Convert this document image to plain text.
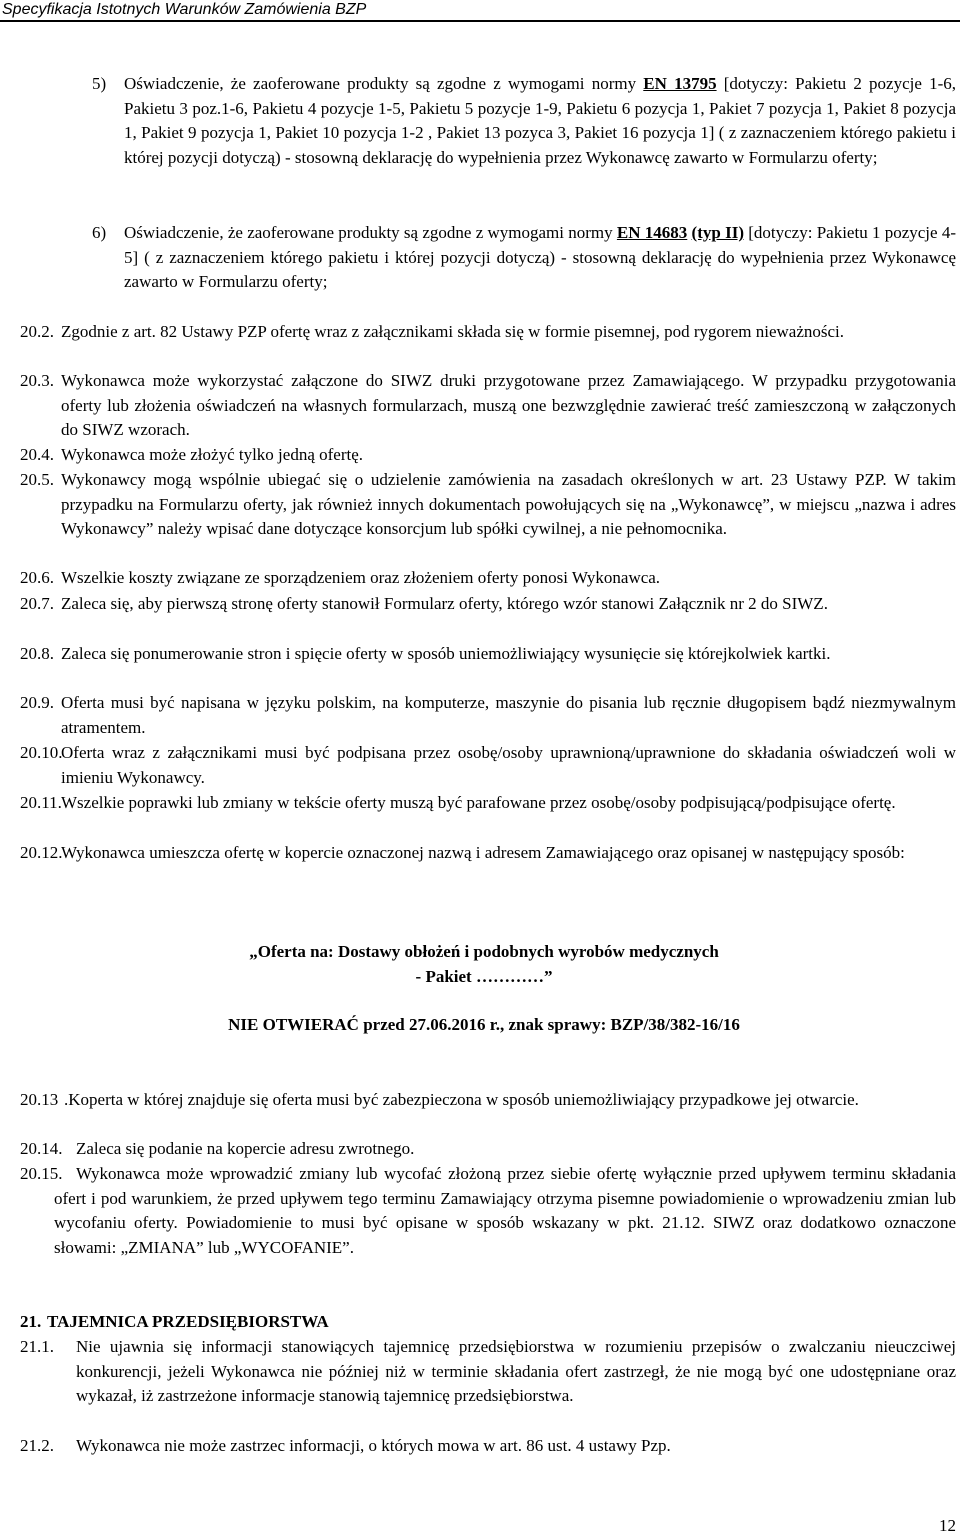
Specyfikacja Istotnych Warunków Zamówienia BZP
5) Oświadczenie, że zaoferowane produkty są zgodne z wymogami normy EN 13795 [dotyczy: Pakietu 2 pozycje 1-6, Pakietu 3 poz.1-6, Pakietu 4 pozycje 1-5, Pakietu 5 pozycje 1-9, Pakietu 6 pozycja 1, Pakiet 7 pozycja 1, Pakiet 8 pozycja 1, Pakiet 9 pozycja 1, Pakiet 10 pozycja 1-2 , Pakiet 13 pozyca 3, Pakiet 16 pozycja 1] ( z zaznaczeniem którego pakietu i której pozycji dotyczą) - stosowną deklarację do wypełnienia przez Wykonawcę zawarto w Formularzu oferty;
6) Oświadczenie, że zaoferowane produkty są zgodne z wymogami normy EN 14683 (typ II) [dotyczy: Pakietu 1 pozycje 4-5] ( z zaznaczeniem którego pakietu i której pozycji dotyczą) - stosowną deklarację do wypełnienia przez Wykonawcę zawarto w Formularzu oferty;
20.2. Zgodnie z art. 82 Ustawy PZP ofertę wraz z załącznikami składa się w formie pisemnej, pod rygorem nieważności.
20.3. Wykonawca może wykorzystać załączone do SIWZ druki przygotowane przez Zamawiającego. W przypadku przygotowania oferty lub złożenia oświadczeń na własnych formularzach, muszą one bezwzględnie zawierać treść zamieszczoną w załączonych do SIWZ wzorach.
20.4. Wykonawca może złożyć tylko jedną ofertę.
20.5. Wykonawcy mogą wspólnie ubiegać się o udzielenie zamówienia na zasadach określonych w art. 23 Ustawy PZP. W takim przypadku na Formularzu oferty, jak również innych dokumentach powołujących się na „Wykonawcę”, w miejscu „nazwa i adres Wykonawcy” należy wpisać dane dotyczące konsorcjum lub spółki cywilnej, a nie pełnomocnika.
20.6. Wszelkie koszty związane ze sporządzeniem oraz złożeniem oferty ponosi Wykonawca.
20.7. Zaleca się, aby pierwszą stronę oferty stanowił Formularz oferty, którego wzór stanowi Załącznik nr 2 do SIWZ.
20.8. Zaleca się ponumerowanie stron i spięcie oferty w sposób uniemożliwiający wysunięcie się którejkolwiek kartki.
20.9. Oferta musi być napisana w języku polskim, na komputerze, maszynie do pisania lub ręcznie długopisem bądź niezmywalnym atramentem.
20.10.
Oferta wraz z załącznikami musi być podpisana przez osobę/osoby uprawnioną/uprawnione do składania oświadczeń woli w imieniu Wykonawcy.
20.11. Wszelkie poprawki lub zmiany w tekście oferty muszą być parafowane przez osobę/osoby podpisującą/podpisujące ofertę.
20.12.
Wykonawca umieszcza ofertę w kopercie oznaczonej nazwą i adresem Zamawiającego oraz opisanej w następujący sposób:
„Oferta na: Dostawy obłożeń i podobnych wyrobów medycznych
- Pakiet …………”
NIE OTWIERAĆ przed 27.06.2016 r., znak sprawy: BZP/38/382-16/16
20.13 .Koperta w której znajduje się oferta musi być zabezpieczona w sposób uniemożliwiający przypadkowe jej otwarcie.
20.14. Zaleca się podanie na kopercie adresu zwrotnego.
20.15. Wykonawca może wprowadzić zmiany lub wycofać złożoną przez siebie ofertę wyłącznie przed upływem terminu składania ofert i pod warunkiem, że przed upływem tego terminu Zamawiający otrzyma pisemne powiadomienie o wprowadzeniu zmian lub wycofaniu oferty. Powiadomienie to musi być opisane w sposób wskazany w pkt. 21.12. SIWZ oraz dodatkowo oznaczone słowami: „ZMIANA” lub „WYCOFANIE”.
21. TAJEMNICA PRZEDSIĘBIORSTWA
21.1. Nie ujawnia się informacji stanowiących tajemnicę przedsiębiorstwa w rozumieniu przepisów o zwalczaniu nieuczciwej konkurencji, jeżeli Wykonawca nie później niż w terminie składania ofert zastrzegł, że nie mogą być one udostępniane oraz wykazał, iż zastrzeżone informacje stanowią tajemnicę przedsiębiorstwa.
21.2. Wykonawca nie może zastrzec informacji, o których mowa w art. 86 ust. 4 ustawy Pzp.
12
